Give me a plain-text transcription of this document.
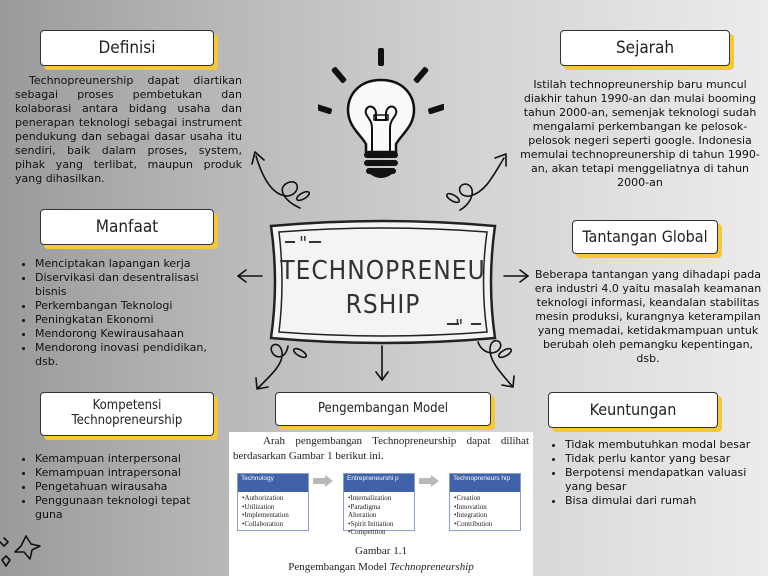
Definisi
Technopreunership dapat diartikan sebagai proses pembetukan dan kolaborasi antara bidang usaha dan penerapan teknologi sebagai instrument pendukung dan sebagai dasar usaha itu sendiri, baik dalam proses, system, pihak yang terlibat, maupun produk yang dihasilkan.
Sejarah
Istilah technopreunership baru muncul diakhir tahun 1990-an dan mulai booming tahun 2000-an, semenjak teknologi sudah mengalami perkembangan ke pelosok-pelosok negeri seperti google. Indonesia memulai technopreunership di tahun 1990-an, akan tetapi menggeliatnya di tahun 2000-an
Manfaat
• Menciptakan lapangan kerja
• Diservikasi dan desentralisasi bisnis
• Perkembangan Teknologi
• Peningkatan Ekonomi
• Mendorong Kewirausahaan
• Mendorong inovasi pendidikan, dsb.
Tantangan Global
Beberapa tantangan yang dihadapi pada era industri 4.0 yaitu masalah keamanan teknologi informasi, keandalan stabilitas mesin produksi, kurangnya keterampilan yang memadai, ketidakmampuan untuk berubah oleh pemangku kepentingan, dsb.
Kompetensi
Technopreneurship
• Kemampuan interpersonal
• Kemampuan intrapersonal
• Pengetahuan wirausaha
• Penggunaan teknologi tepat guna
Pengembangan Model
Arah pengembangan Technopreneurship dapat dilihat berdasarkan Gambar 1 berikut ini.
Technology
•Authorization
•Utilization
•Implementation
•Collaboration
Entrepreneurshi p
•Internalization
•Paradigma Alteration
•Spirit Initiation
•Competition
Technopreneurs hip
•Creation
•Innovation
•Integration
•Contribution
Gambar 1.1
Pengembangan Model Technopreneurship
Keuntungan
• Tidak membutuhkan modal besar
• Tidak perlu kantor yang besar
• Berpotensi mendapatkan valuasi yang besar
• Bisa dimulai dari rumah
"
"
TECHNOPRENEU
RSHIP
